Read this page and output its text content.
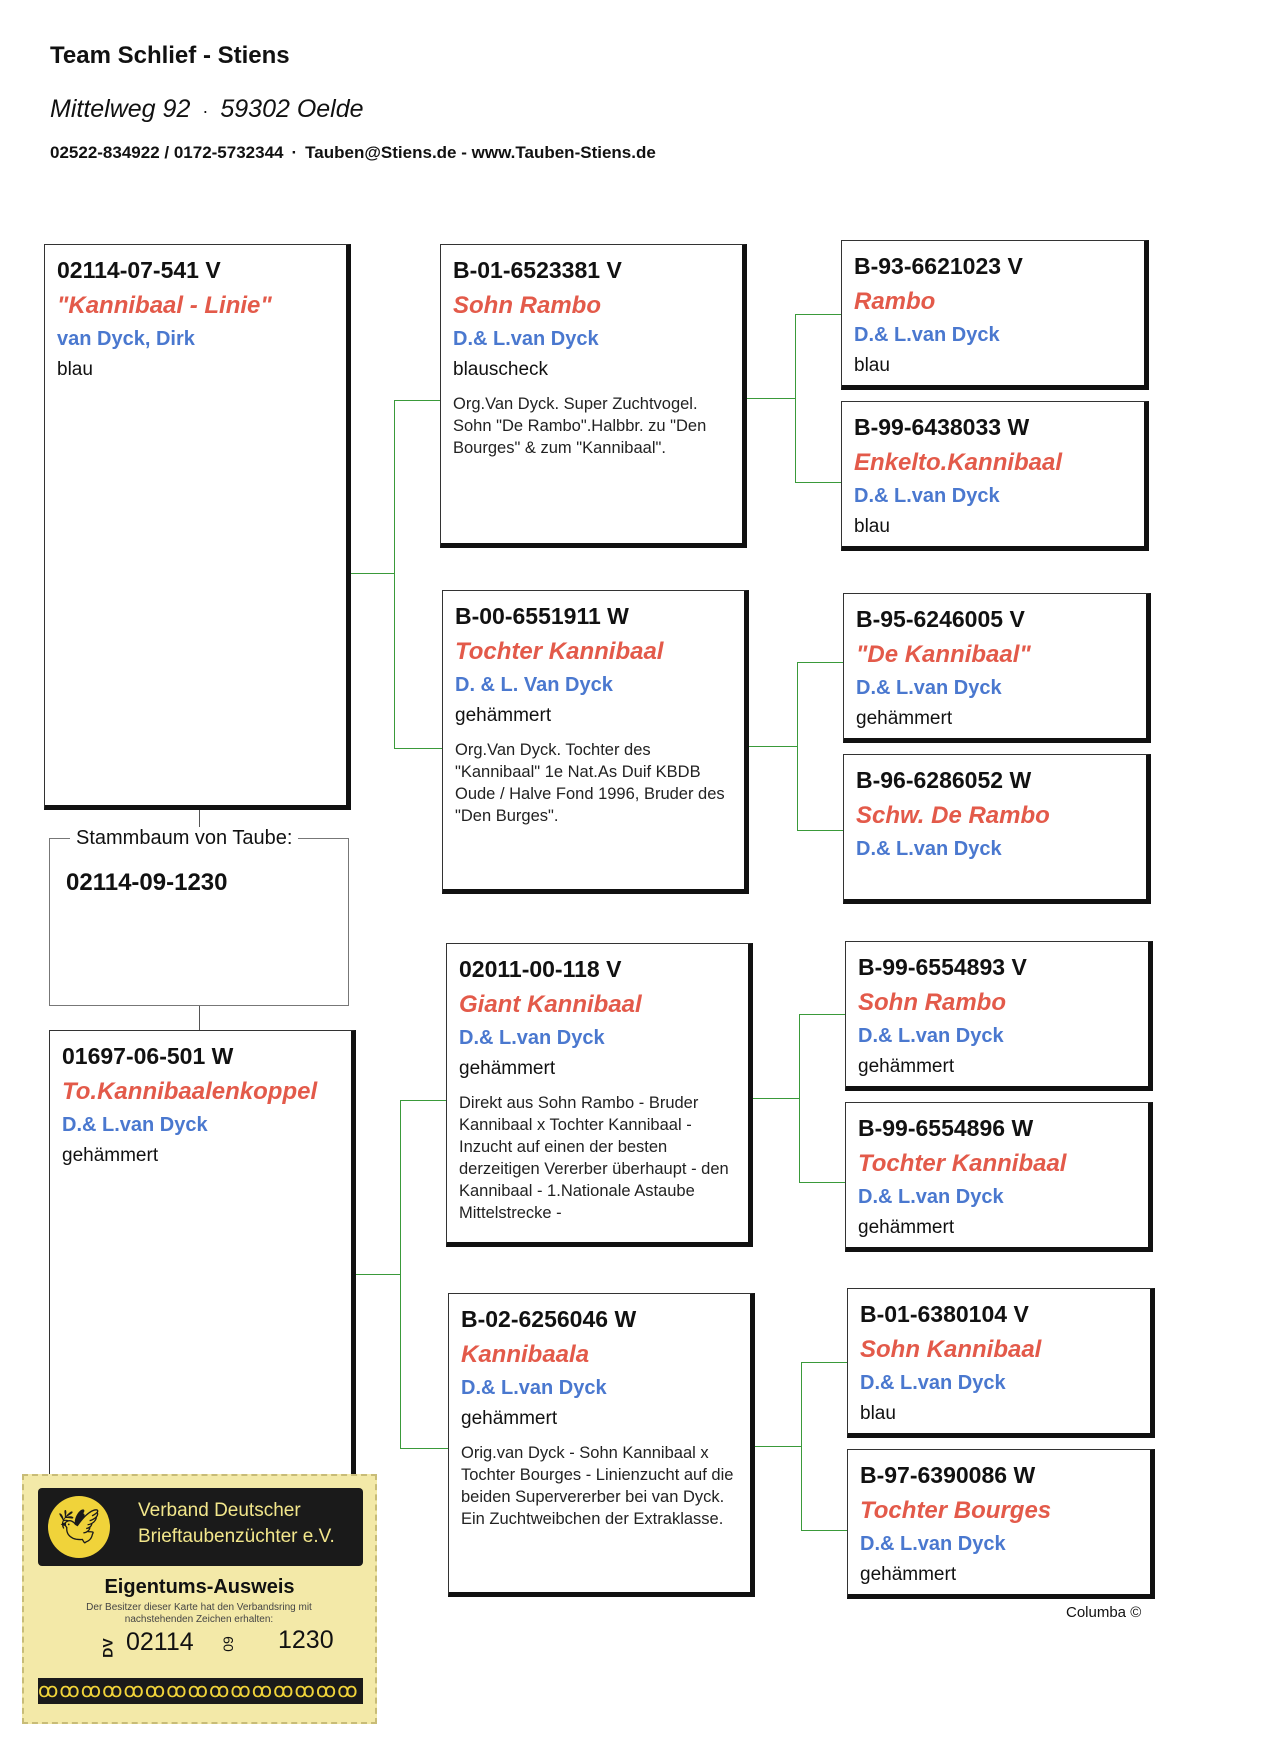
Team Schlief - Stiens
Mittelweg 92 · 59302 Oelde
02522-834922 / 0172-5732344 · Tauben@Stiens.de - www.Tauben-Stiens.de
02114-07-541 V
"Kannibaal - Linie"
van Dyck, Dirk
blau
Stammbaum von Taube:
02114-09-1230
01697-06-501 W
To.Kannibaalenkoppel
D.& L.van Dyck
gehämmert
B-01-6523381 V
Sohn Rambo
D.& L.van Dyck
blauscheck
Org.Van Dyck. Super Zuchtvogel. Sohn "De Rambo".Halbbr. zu "Den Bourges" & zum "Kannibaal".
B-00-6551911 W
Tochter Kannibaal
D. & L. Van Dyck
gehämmert
Org.Van Dyck. Tochter des "Kannibaal" 1e Nat.As Duif KBDB Oude / Halve Fond 1996, Bruder des "Den Burges".
02011-00-118 V
Giant Kannibaal
D.& L.van Dyck
gehämmert
Direkt aus Sohn Rambo - Bruder Kannibaal x Tochter Kannibaal - Inzucht auf einen der besten derzeitigen Vererber überhaupt - den Kannibaal - 1.Nationale Astaube Mittelstrecke -
B-02-6256046 W
Kannibaala
D.& L.van Dyck
gehämmert
Orig.van Dyck - Sohn Kannibaal x Tochter Bourges - Linienzucht auf die beiden Supervererber bei van Dyck. Ein Zuchtweibchen der Extraklasse.
B-93-6621023 V
Rambo
D.& L.van Dyck
blau
B-99-6438033 W
Enkelto.Kannibaal
D.& L.van Dyck
blau
B-95-6246005 V
"De Kannibaal"
D.& L.van Dyck
gehämmert
B-96-6286052 W
Schw. De Rambo
D.& L.van Dyck
B-99-6554893 V
Sohn Rambo
D.& L.van Dyck
gehämmert
B-99-6554896 W
Tochter Kannibaal
D.& L.van Dyck
gehämmert
B-01-6380104 V
Sohn Kannibaal
D.& L.van Dyck
blau
B-97-6390086 W
Tochter Bourges
D.& L.van Dyck
gehämmert
Columba ©
🕊	Verband Deutscher
Brieftaubenzüchter e.V.
Eigentums-Ausweis
Der Besitzer dieser Karte hat den Verbandsring mit nachstehenden Zeichen erhalten:
DV 02114 09 1230
ꝏꝏꝏꝏꝏꝏꝏꝏꝏꝏꝏꝏꝏꝏꝏ
